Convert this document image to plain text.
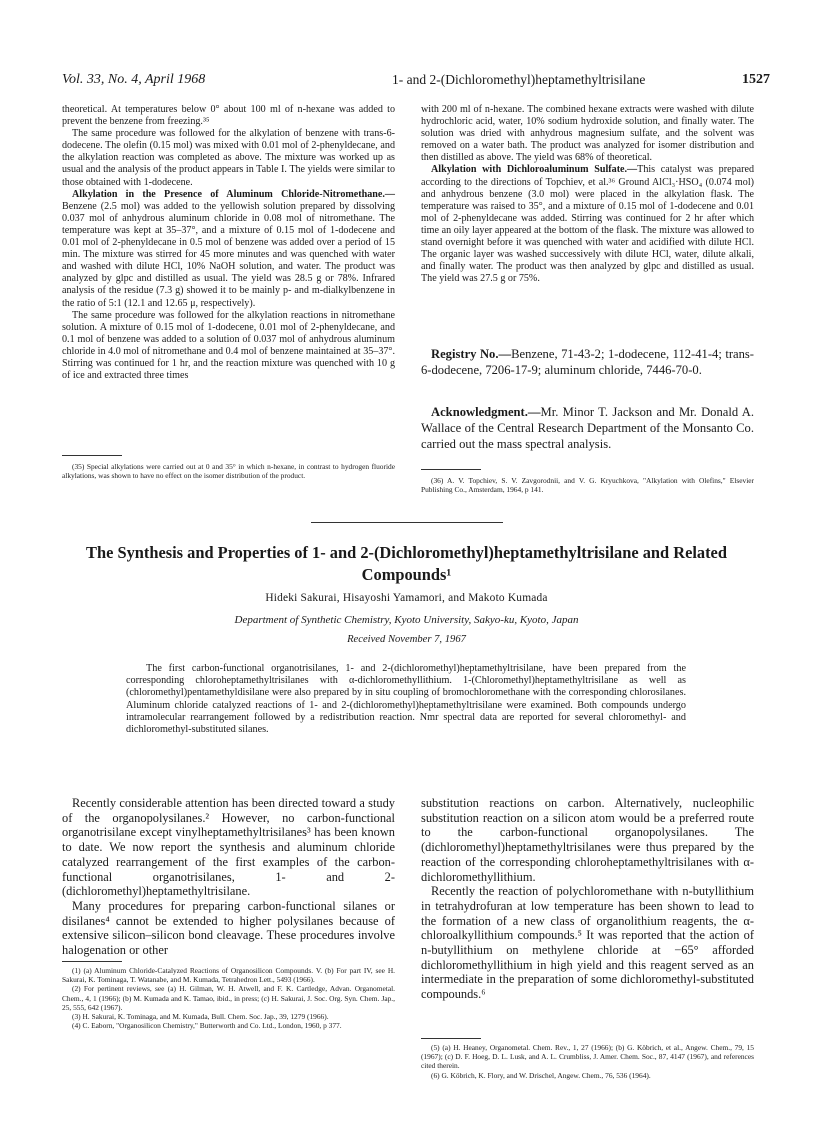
Vol. 33, No. 4, April 1968	1- and 2-(Dichloromethyl)heptamethyltrisilane	1527

theoretical. At temperatures below 0° about 100 ml of n-hexane was added to prevent the benzene from freezing.³⁵

The same procedure was followed for the alkylation of benzene with trans-6-dodecene. The olefin (0.15 mol) was mixed with 0.01 mol of 2-phenyldecane, and the alkylation reaction was completed as above. The mixture was worked up as usual and the analysis of the product appears in Table I. The yields were similar to those obtained with 1-dodecene.

Alkylation in the Presence of Aluminum Chloride-Nitromethane.—Benzene (2.5 mol) was added to the yellowish solution prepared by dissolving 0.037 mol of anhydrous aluminum chloride in 0.08 mol of nitromethane. The temperature was kept at 35–37°, and a mixture of 0.15 mol of 1-dodecene and 0.01 mol of 2-phenyldecane in 0.5 mol of benzene was added over a period of 15 min. The mixture was stirred for 45 more minutes and was quenched with water and washed with dilute HCl, 10% NaOH solution, and water. The product was analyzed by glpc and distilled as usual. The yield was 28.5 g or 78%. Infrared analysis of the residue (7.3 g) showed it to be mainly p- and m-dialkylbenzene in the ratio of 5:1 (12.1 and 12.65 μ, respectively).

The same procedure was followed for the alkylation reactions in nitromethane solution. A mixture of 0.15 mol of 1-dodecene, 0.01 mol of 2-phenyldecane, and 0.1 mol of benzene was added to a solution of 0.037 mol of anhydrous aluminum chloride in 4.0 mol of nitromethane and 0.4 mol of benzene maintained at 35–37°. Stirring was continued for 1 hr, and the reaction mixture was quenched with 10 g of ice and extracted three times

(35) Special alkylations were carried out at 0 and 35° in which n-hexane, in contrast to hydrogen fluoride alkylations, was shown to have no effect on the isomer distribution of the product.

with 200 ml of n-hexane. The combined hexane extracts were washed with dilute hydrochloric acid, water, 10% sodium hydroxide solution, and finally water. The solution was dried with anhydrous magnesium sulfate, and the solvent was removed on a water bath. The product was analyzed for isomer distribution and then distilled as above. The yield was 68% of theoretical.

Alkylation with Dichloroaluminum Sulfate.—This catalyst was prepared according to the directions of Topchiev, et al.³⁶ Ground AlCl₃·HSO₄ (0.074 mol) and anhydrous benzene (3.0 mol) were placed in the alkylation flask. The temperature was raised to 35°, and a mixture of 0.15 mol of 1-dodecene and 0.01 mol of 2-phenyldecane was added. Stirring was continued for 2 hr after which time an oily layer appeared at the bottom of the flask. The mixture was allowed to stand overnight before it was quenched with water and acidified with dilute HCl. The organic layer was washed successively with dilute HCl, water, dilute alkali, and finally water. The product was then analyzed by glpc and distilled as usual. The yield was 27.5 g or 75%.

Registry No.—Benzene, 71-43-2; 1-dodecene, 112-41-4; trans-6-dodecene, 7206-17-9; aluminum chloride, 7446-70-0.

Acknowledgment.—Mr. Minor T. Jackson and Mr. Donald A. Wallace of the Central Research Department of the Monsanto Co. carried out the mass spectral analysis.

(36) A. V. Topchiev, S. V. Zavgorodnii, and V. G. Kryuchkova, "Alkylation with Olefins," Elsevier Publishing Co., Amsterdam, 1964, p 141.

The Synthesis and Properties of 1- and 2-(Dichloromethyl)heptamethyltrisilane and Related Compounds¹
Hideki Sakurai, Hisayoshi Yamamori, and Makoto Kumada
Department of Synthetic Chemistry, Kyoto University, Sakyo-ku, Kyoto, Japan
Received November 7, 1967
The first carbon-functional organotrisilanes, 1- and 2-(dichloromethyl)heptamethyltrisilane, have been prepared from the corresponding chloroheptamethyltrisilanes with α-dichloromethyllithium. 1-(Chloromethyl)heptamethyltrisilane as well as (chloromethyl)pentamethyldisilane were also prepared by in situ coupling of bromochloromethane with the corresponding chlorosilanes. Aluminum chloride catalyzed reactions of 1- and 2-(dichloromethyl)heptamethyltrisilane were examined. Both compounds undergo intramolecular rearrangement followed by a redistribution reaction. Nmr spectral data are reported for several chloromethyl- and dichloromethyl-substituted silanes.

Recently considerable attention has been directed toward a study of the organopolysilanes.² However, no carbon-functional organotrisilane except vinylheptamethyltrisilanes³ has been known to date. We now report the synthesis and aluminum chloride catalyzed rearrangement of the first examples of the carbon-functional organotrisilanes, 1- and 2-(dichloromethyl)heptamethyltrisilane.

Many procedures for preparing carbon-functional silanes or disilanes⁴ cannot be extended to higher polysilanes because of extensive silicon–silicon bond cleavage. These procedures involve halogenation or other

(1) (a) Aluminum Chloride-Catalyzed Reactions of Organosilicon Compounds. V. (b) For part IV, see H. Sakurai, K. Tominaga, T. Watanabe, and M. Kumada, Tetrahedron Lett., 5493 (1966).

(2) For pertinent reviews, see (a) H. Gilman, W. H. Atwell, and F. K. Cartledge, Advan. Organometal. Chem., 4, 1 (1966); (b) M. Kumada and K. Tamao, ibid., in press; (c) H. Sakurai, J. Soc. Org. Syn. Chem. Jap., 25, 555, 642 (1967).

(3) H. Sakurai, K. Tominaga, and M. Kumada, Bull. Chem. Soc. Jap., 39, 1279 (1966).

(4) C. Eaborn, "Organosilicon Chemistry," Butterworth and Co. Ltd., London, 1960, p 377.

substitution reactions on carbon. Alternatively, nucleophilic substitution reaction on a silicon atom would be a preferred route to the carbon-functional organopolysilanes. The (dichloromethyl)heptamethyltrisilanes were thus prepared by the reaction of the corresponding chloroheptamethyltrisilanes with α-dichloromethyllithium.

Recently the reaction of polychloromethane with n-butyllithium in tetrahydrofuran at low temperature has been shown to lead to the formation of a new class of organolithium reagents, the α-chloroalkyllithium compounds.⁵ It was reported that the action of n-butyllithium on methylene chloride at −65° afforded dichloromethyllithium in high yield and this reagent served as an intermediate in the preparation of some dichloromethyl-substituted compounds.⁶

(5) (a) H. Heaney, Organometal. Chem. Rev., 1, 27 (1966); (b) G. Köbrich, et al., Angew. Chem., 79, 15 (1967); (c) D. F. Hoeg, D. L. Lusk, and A. L. Crumbliss, J. Amer. Chem. Soc., 87, 4147 (1967), and references cited therein.

(6) G. Köbrich, K. Flory, and W. Drischel, Angew. Chem., 76, 536 (1964).
